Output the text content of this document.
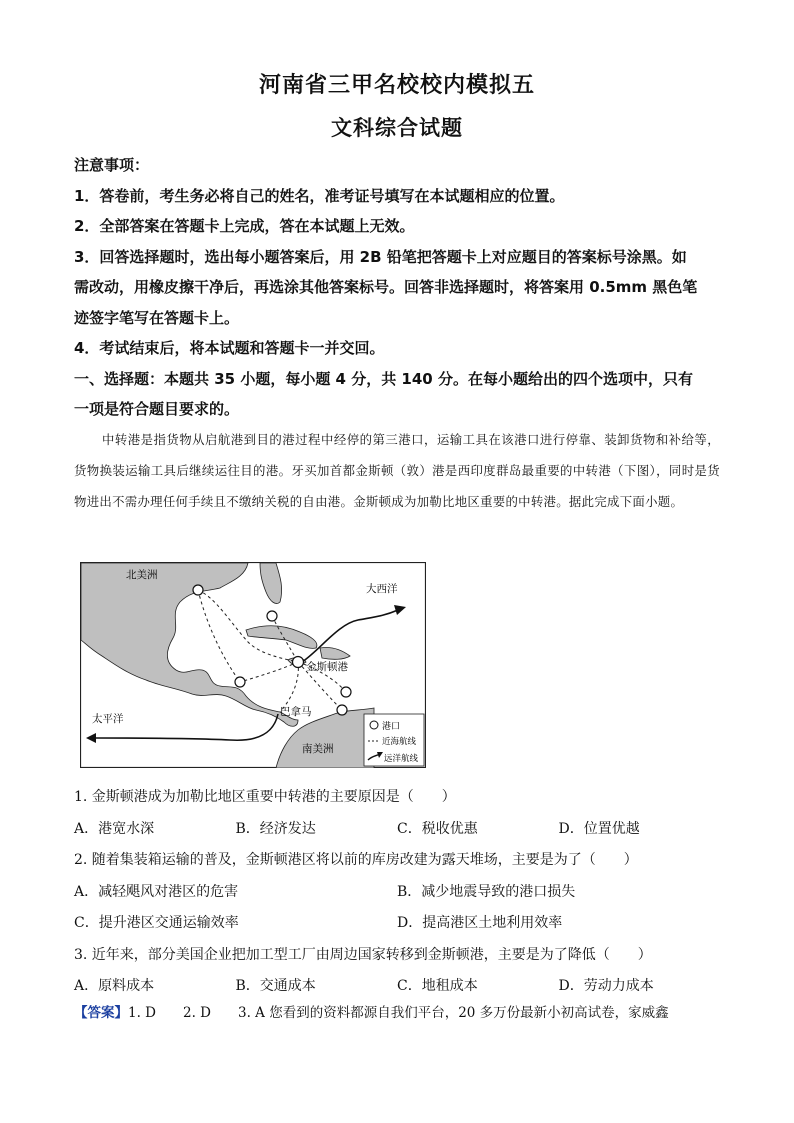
河南省三甲名校校内模拟五
文科综合试题
注意事项：
1．答卷前，考生务必将自己的姓名，准考证号填写在本试题相应的位置。
2．全部答案在答题卡上完成，答在本试题上无效。
3．回答选择题时，选出每小题答案后，用 2B 铅笔把答题卡上对应题目的答案标号涂黑。如
需改动，用橡皮擦干净后，再选涂其他答案标号。回答非选择题时，将答案用 0.5mm 黑色笔
迹签字笔写在答题卡上。
4．考试结束后，将本试题和答题卡一并交回。
一、选择题：本题共 35 小题，每小题 4 分，共 140 分。在每小题给出的四个选项中，只有
一项是符合题目要求的。
中转港是指货物从启航港到目的港过程中经停的第三港口，运输工具在该港口进行停靠、装卸货物和补给等，货物换装运输工具后继续运往目的港。牙买加首都金斯顿（敦）港是西印度群岛最重要的中转港（下图），同时是货物进出不需办理任何手续且不缴纳关税的自由港。金斯顿成为加勒比地区重要的中转港。据此完成下面小题。
北美洲
大西洋
金斯顿港
巴拿马
太平洋
南美洲
港口
近海航线
远洋航线
1. 金斯顿港成为加勒比地区重要中转港的主要原因是（　　）
A．港宽水深	B．经济发达	C．税收优惠	D．位置优越
2. 随着集装箱运输的普及，金斯顿港区将以前的库房改建为露天堆场，主要是为了（　　）
A．减轻飓风对港区的危害	B．减少地震导致的港口损失
C．提升港区交通运输效率	D．提高港区土地利用效率
3. 近年来，部分美国企业把加工型工厂由周边国家转移到金斯顿港，主要是为了降低（　　）
A．原料成本	B．交通成本	C．地租成本	D．劳动力成本
【答案】1. D　　2. D　　3. A 您看到的资料都源自我们平台，20 多万份最新小初高试卷，家威鑫
